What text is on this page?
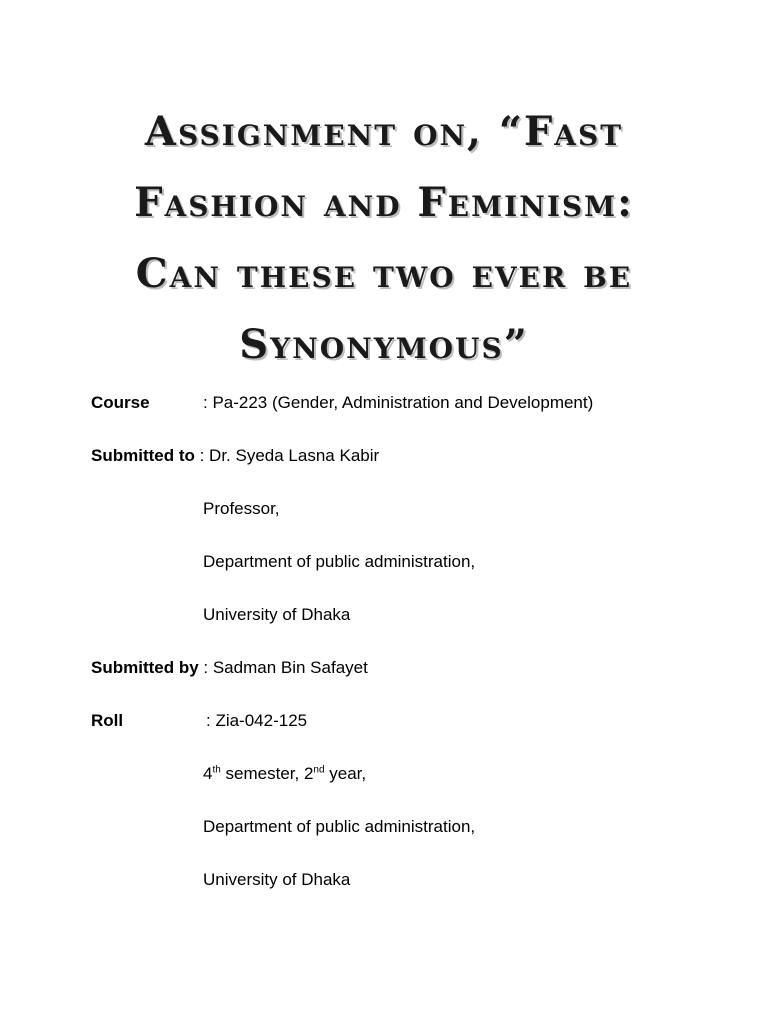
Assignment on, “Fast
Fashion and Feminism:
Can these two ever be
Synonymous”
Course	: Pa-223 (Gender, Administration and Development)
Submitted to : Dr. Syeda Lasna Kabir
Professor,
Department of public administration,
University of Dhaka
Submitted by : Sadman Bin Safayet
Roll	: Zia-042-125
4th semester, 2nd year,
Department of public administration,
University of Dhaka
